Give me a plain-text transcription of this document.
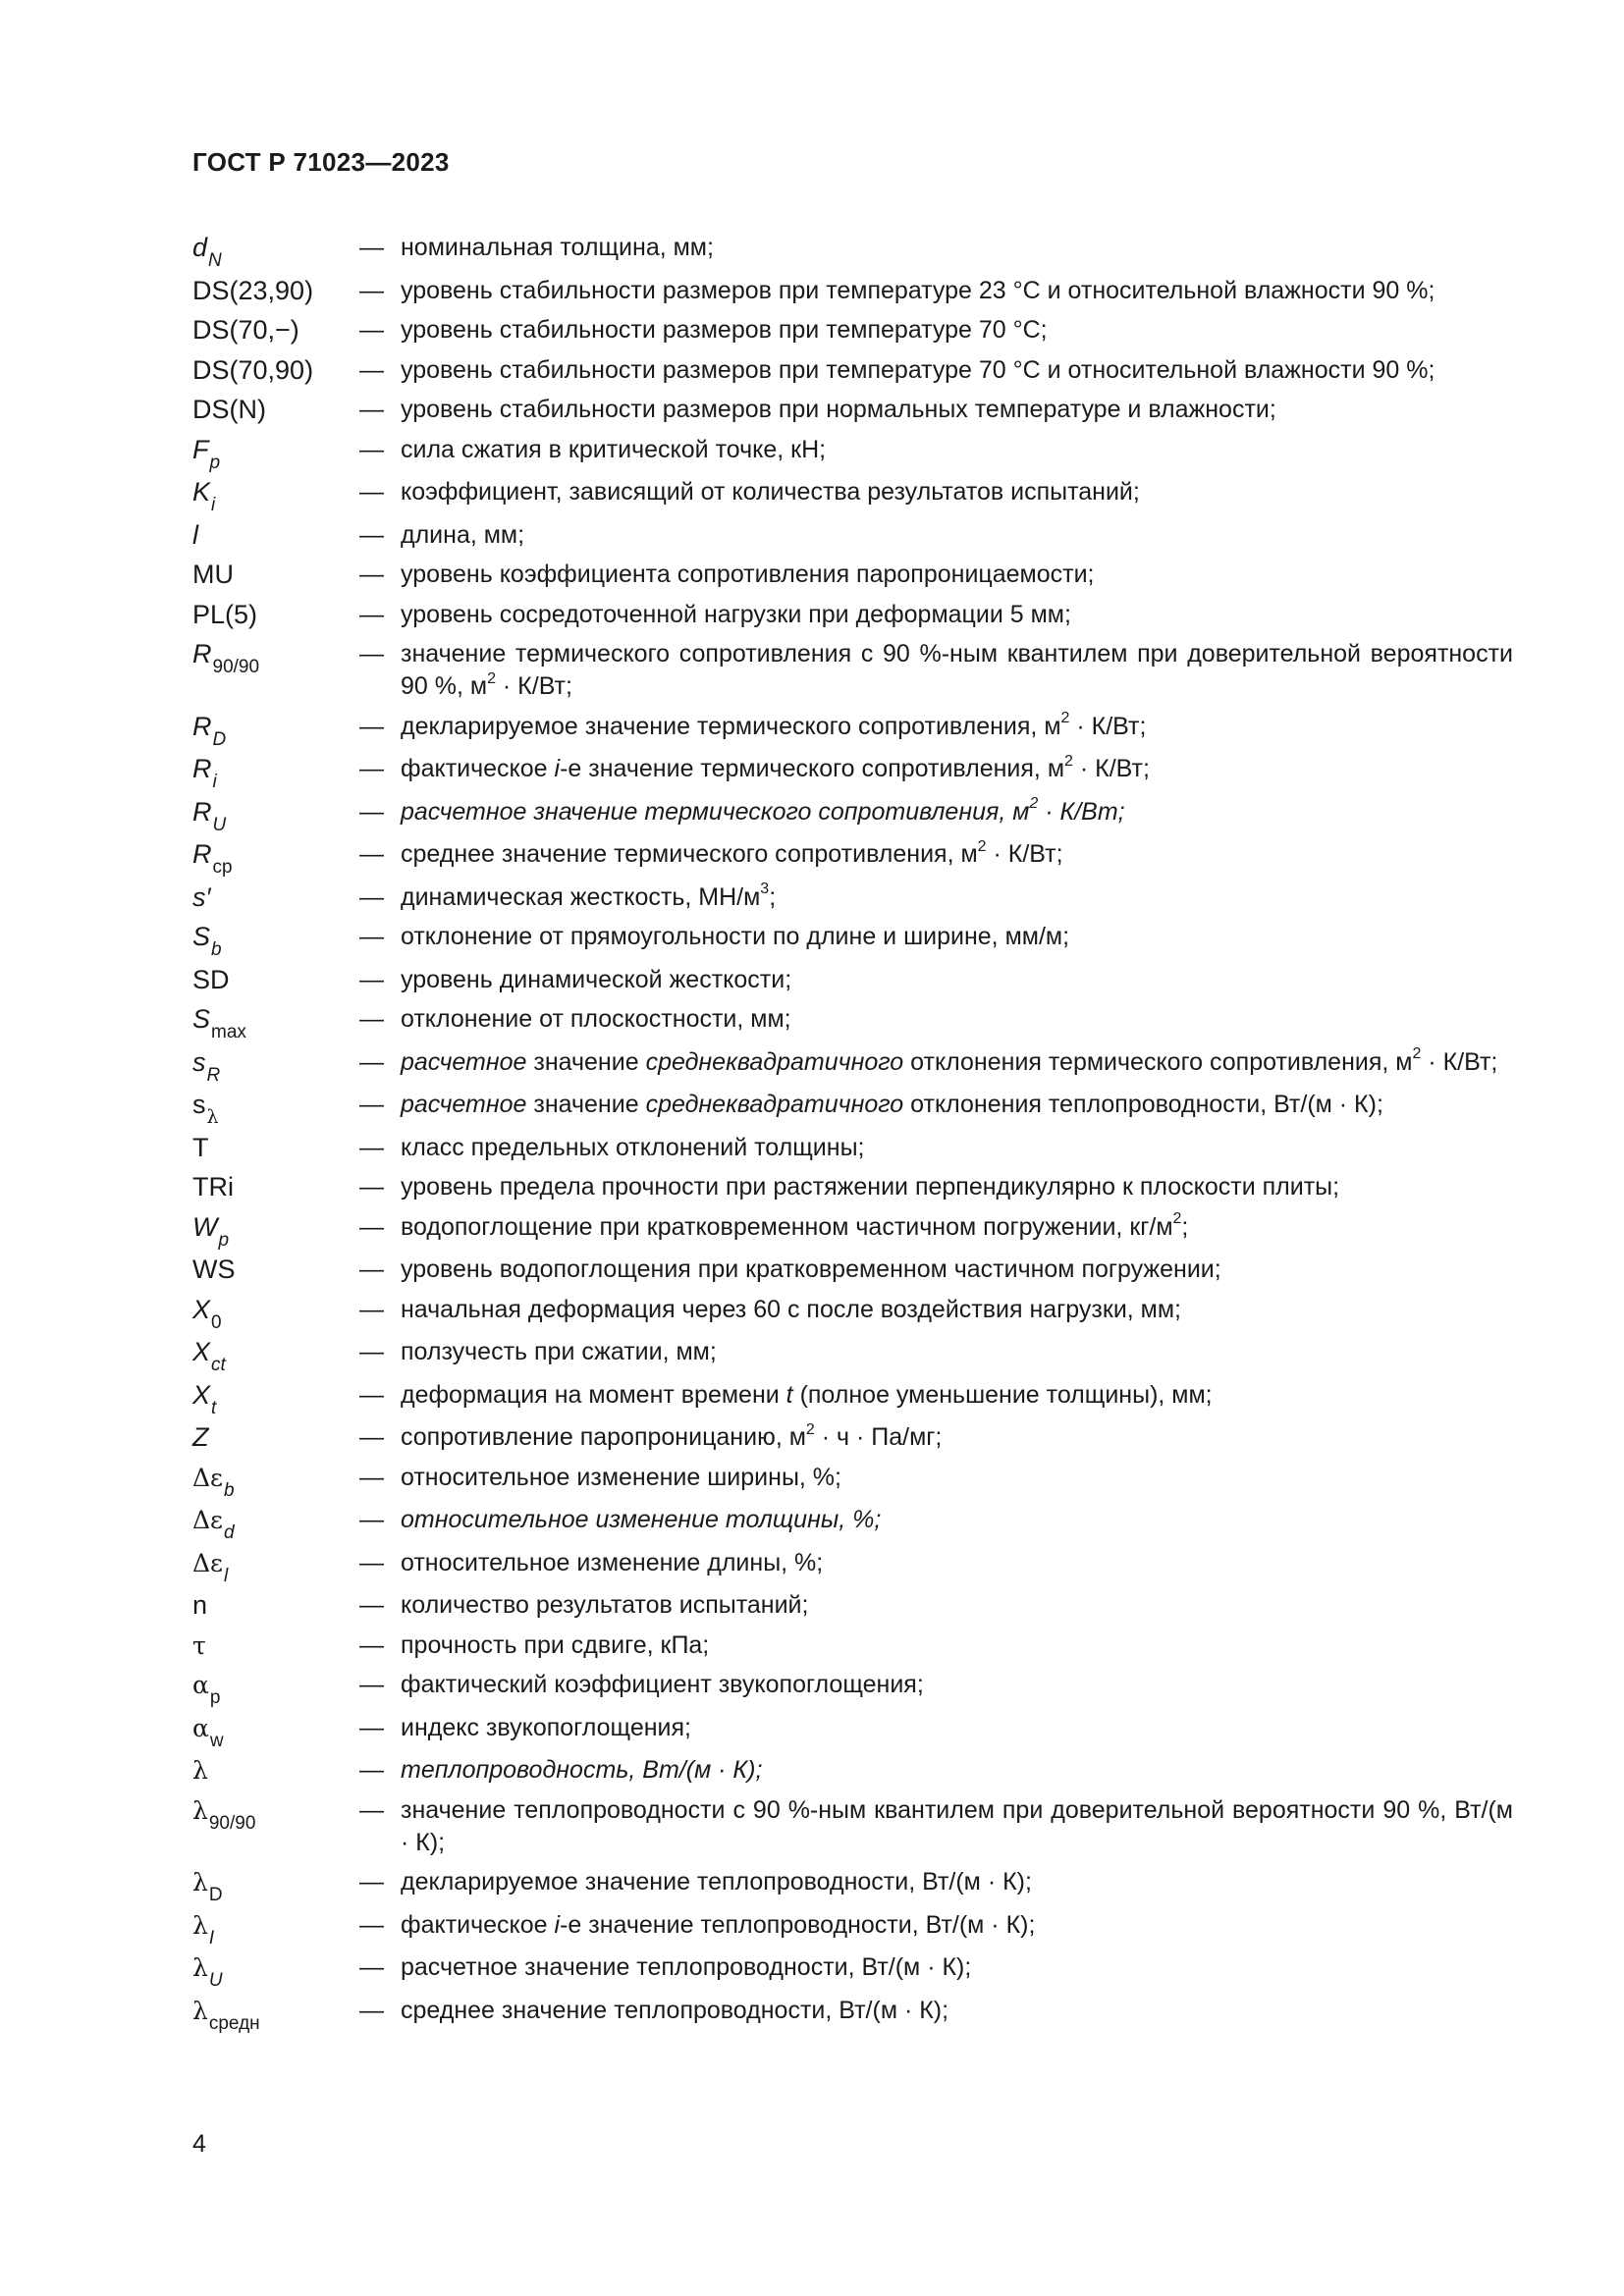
ГОСТ Р 71023—2023
$d_N$	— номинальная толщина, мм;
DS(23,90)	— уровень стабильности размеров при температуре 23 °С и относительной влажности 90 %;
DS(70,−)	— уровень стабильности размеров при температуре 70 °С;
DS(70,90)	— уровень стабильности размеров при температуре 70 °С и относительной влажности 90 %;
DS(N)	— уровень стабильности размеров при нормальных температуре и влажности;
$F_p$	— сила сжатия в критической точке, кН;
$K_i$	— коэффициент, зависящий от количества результатов испытаний;
l	— длина, мм;
MU	— уровень коэффициента сопротивления паропроницаемости;
PL(5)	— уровень сосредоточенной нагрузки при деформации 5 мм;
$R_{90/90}$	— значение термического сопротивления с 90 %-ным квантилем при доверительной вероятности 90 %, $м^2 \cdot К/Вт$;
$R_D$	— декларируемое значение термического сопротивления, $м^2 \cdot К/Вт$;
$R_i$	— фактическое i-е значение термического сопротивления, $м^2 \cdot К/Вт$;
$R_U$	— расчетное значение термического сопротивления, $м^2 \cdot К/Вт$;
$R_{ср}$	— среднее значение термического сопротивления, $м^2 \cdot К/Вт$;
s′	— динамическая жесткость, $МН/м^3$;
$S_b$	— отклонение от прямоугольности по длине и ширине, мм/м;
SD	— уровень динамической жесткости;
$S_{max}$	— отклонение от плоскостности, мм;
$s_R$	— расчетное значение среднеквадратичного отклонения термического сопротивления, $м^2 \cdot К/Вт$;
$s_\lambda$	— расчетное значение среднеквадратичного отклонения теплопроводности, Вт/(м · К);
T	— класс предельных отклонений толщины;
TRi	— уровень предела прочности при растяжении перпендикулярно к плоскости плиты;
$W_p$	— водопоглощение при кратковременном частичном погружении, $кг/м^2$;
WS	— уровень водопоглощения при кратковременном частичном погружении;
$X_0$	— начальная деформация через 60 с после воздействия нагрузки, мм;
$X_{ct}$	— ползучесть при сжатии, мм;
$X_t$	— деформация на момент времени t (полное уменьшение толщины), мм;
Z	— сопротивление паропроницанию, $м^2 \cdot ч \cdot Па/мг$;
$\Delta\varepsilon_b$	— относительное изменение ширины, %;
$\Delta\varepsilon_d$	— относительное изменение толщины, %;
$\Delta\varepsilon_l$	— относительное изменение длины, %;
n	— количество результатов испытаний;
τ	— прочность при сдвиге, кПа;
$\alpha_p$	— фактический коэффициент звукопоглощения;
$\alpha_w$	— индекс звукопоглощения;
λ	— теплопроводность, Вт/(м · К);
$\lambda_{90/90}$	— значение теплопроводности с 90 %-ным квантилем при доверительной вероятности 90 %, Вт/(м · К);
$\lambda_D$	— декларируемое значение теплопроводности, Вт/(м · К);
$\lambda_I$	— фактическое i-е значение теплопроводности, Вт/(м · К);
$\lambda_U$	— расчетное значение теплопроводности, Вт/(м · К);
$\lambda_{средн}$	— среднее значение теплопроводности, Вт/(м · К);
4
